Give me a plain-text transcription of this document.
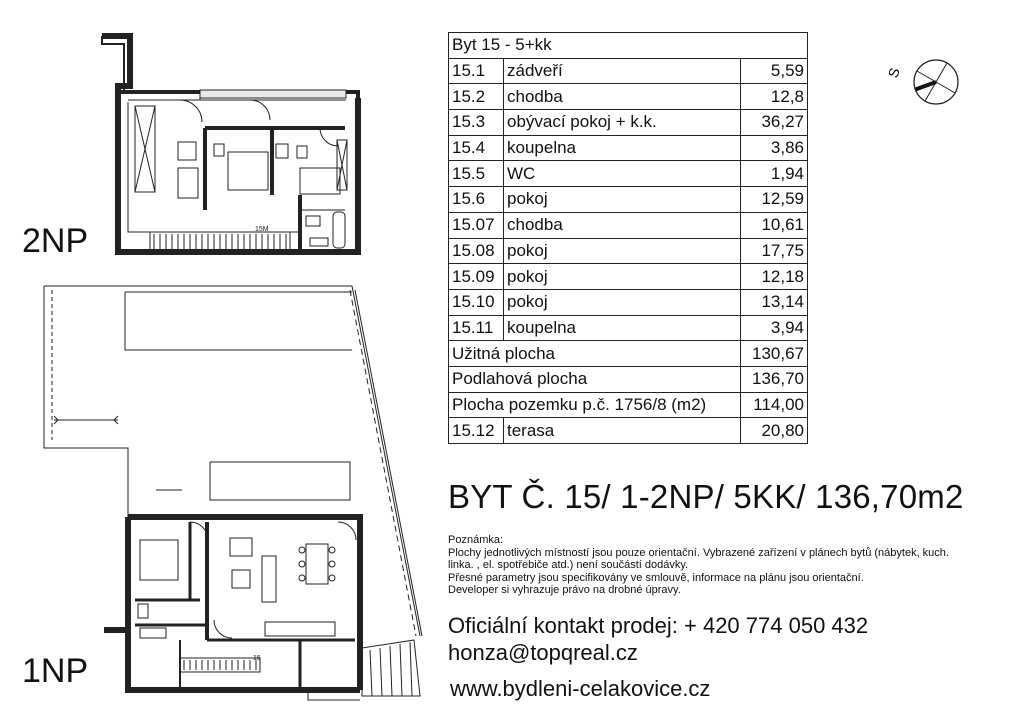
15M
15
2NP
1NP
Byt 15 - 5+kk		
15.1	zádveří	5,59
15.2	chodba	12,8
15.3	obývací pokoj + k.k.	36,27
15.4	koupelna	3,86
15.5	WC	1,94
15.6	pokoj	12,59
15.07	chodba	10,61
15.08	pokoj	17,75
15.09	pokoj	12,18
15.10	pokoj	13,14
15.11	koupelna	3,94
Užitná plocha		130,67
Podlahová plocha		136,70
Plocha pozemku p.č. 1756/8 (m2)		114,00
15.12	terasa	20,80
S
BYT Č. 15/ 1-2NP/ 5KK/ 136,70m2
Poznámka:
Plochy jednotlivých místností jsou pouze orientační. Vybrazené zařízení v plánech bytů (nábytek, kuch.
linka. , el. spotřebiče atd.) není součástí dodávky.
Přesné parametry jsou specifikovány ve smlouvě, informace na plánu jsou orientační.
Developer si vyhrazuje právo na drobné úpravy.
Oficiální kontakt prodej: + 420 774 050 432
honza@topqreal.cz
www.bydleni-celakovice.cz
